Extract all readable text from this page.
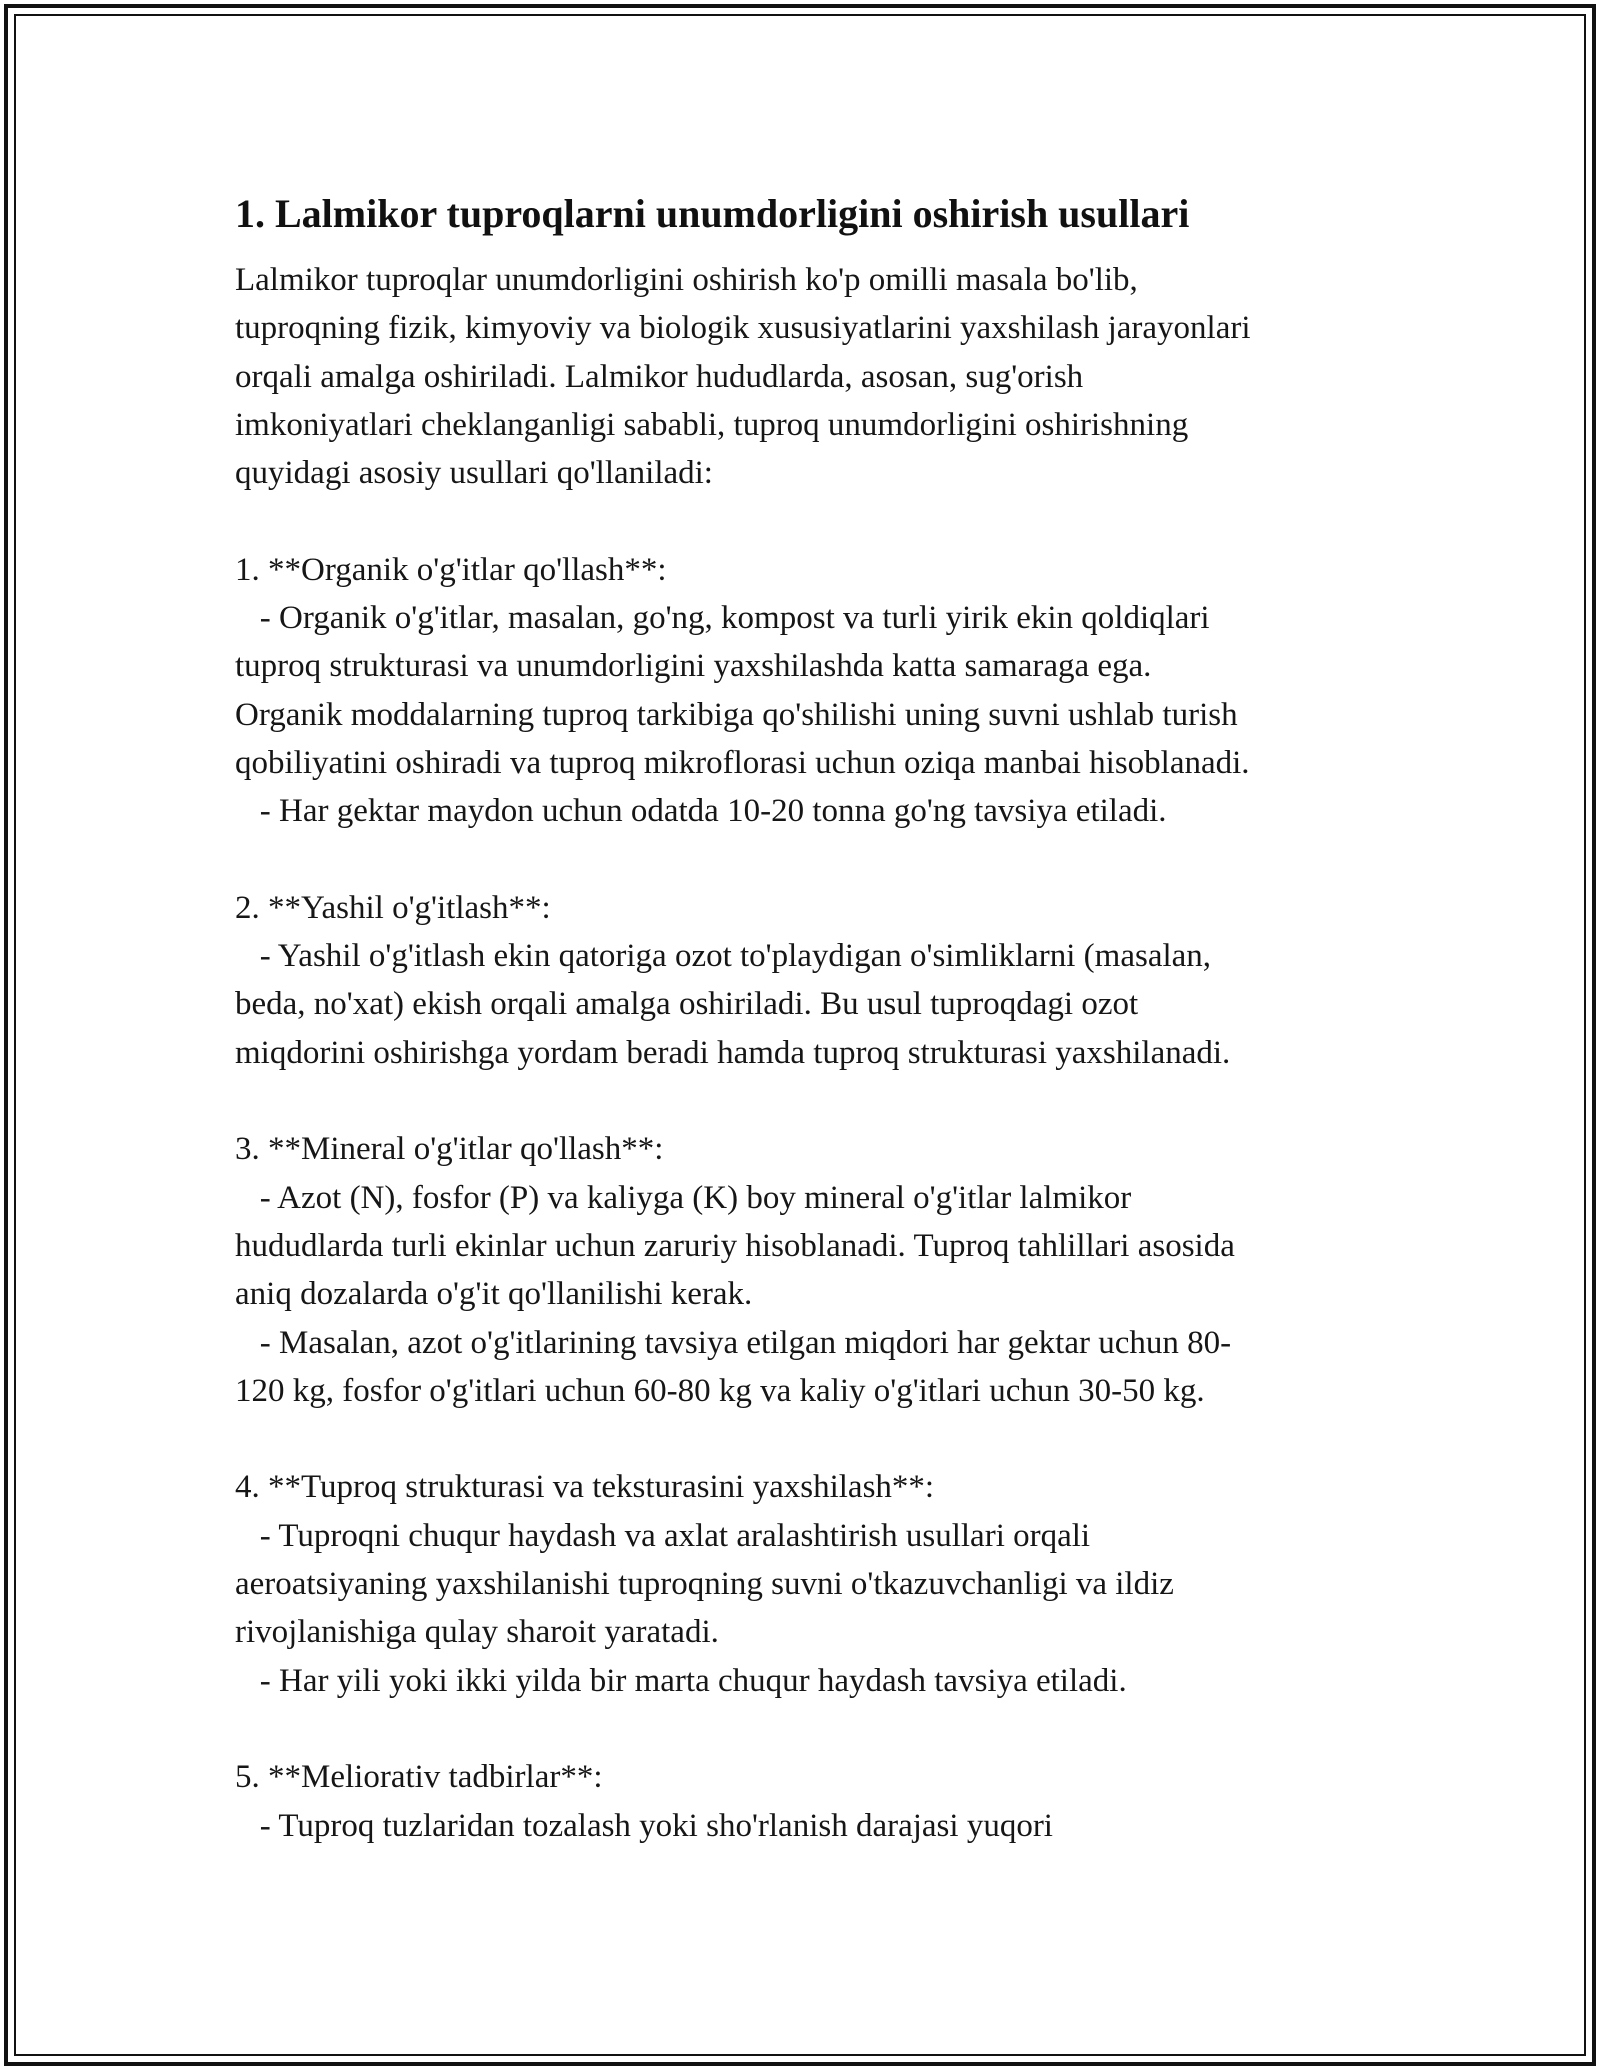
1. Lalmikor tuproqlarni unumdorligini oshirish usullari
Lalmikor tuproqlar unumdorligini oshirish ko'p omilli masala bo'lib,
tuproqning fizik, kimyoviy va biologik xususiyatlarini yaxshilash jarayonlari
orqali amalga oshiriladi. Lalmikor hududlarda, asosan, sug'orish
imkoniyatlari cheklanganligi sababli, tuproq unumdorligini oshirishning
quyidagi asosiy usullari qo'llaniladi:

1. **Organik o'g'itlar qo'llash**:
- Organik o'g'itlar, masalan, go'ng, kompost va turli yirik ekin qoldiqlari
tuproq strukturasi va unumdorligini yaxshilashda katta samaraga ega.
Organik moddalarning tuproq tarkibiga qo'shilishi uning suvni ushlab turish
qobiliyatini oshiradi va tuproq mikroflorasi uchun oziqa manbai hisoblanadi.
- Har gektar maydon uchun odatda 10-20 tonna go'ng tavsiya etiladi.

2. **Yashil o'g'itlash**:
- Yashil o'g'itlash ekin qatoriga ozot to'playdigan o'simliklarni (masalan,
beda, no'xat) ekish orqali amalga oshiriladi. Bu usul tuproqdagi ozot
miqdorini oshirishga yordam beradi hamda tuproq strukturasi yaxshilanadi.

3. **Mineral o'g'itlar qo'llash**:
- Azot (N), fosfor (P) va kaliyga (K) boy mineral o'g'itlar lalmikor
hududlarda turli ekinlar uchun zaruriy hisoblanadi. Tuproq tahlillari asosida
aniq dozalarda o'g'it qo'llanilishi kerak.
- Masalan, azot o'g'itlarining tavsiya etilgan miqdori har gektar uchun 80-
120 kg, fosfor o'g'itlari uchun 60-80 kg va kaliy o'g'itlari uchun 30-50 kg.

4. **Tuproq strukturasi va teksturasini yaxshilash**:
- Tuproqni chuqur haydash va axlat aralashtirish usullari orqali
aeroatsiyaning yaxshilanishi tuproqning suvni o'tkazuvchanligi va ildiz
rivojlanishiga qulay sharoit yaratadi.
- Har yili yoki ikki yilda bir marta chuqur haydash tavsiya etiladi.

5. **Meliorativ tadbirlar**:
- Tuproq tuzlaridan tozalash yoki sho'rlanish darajasi yuqori
